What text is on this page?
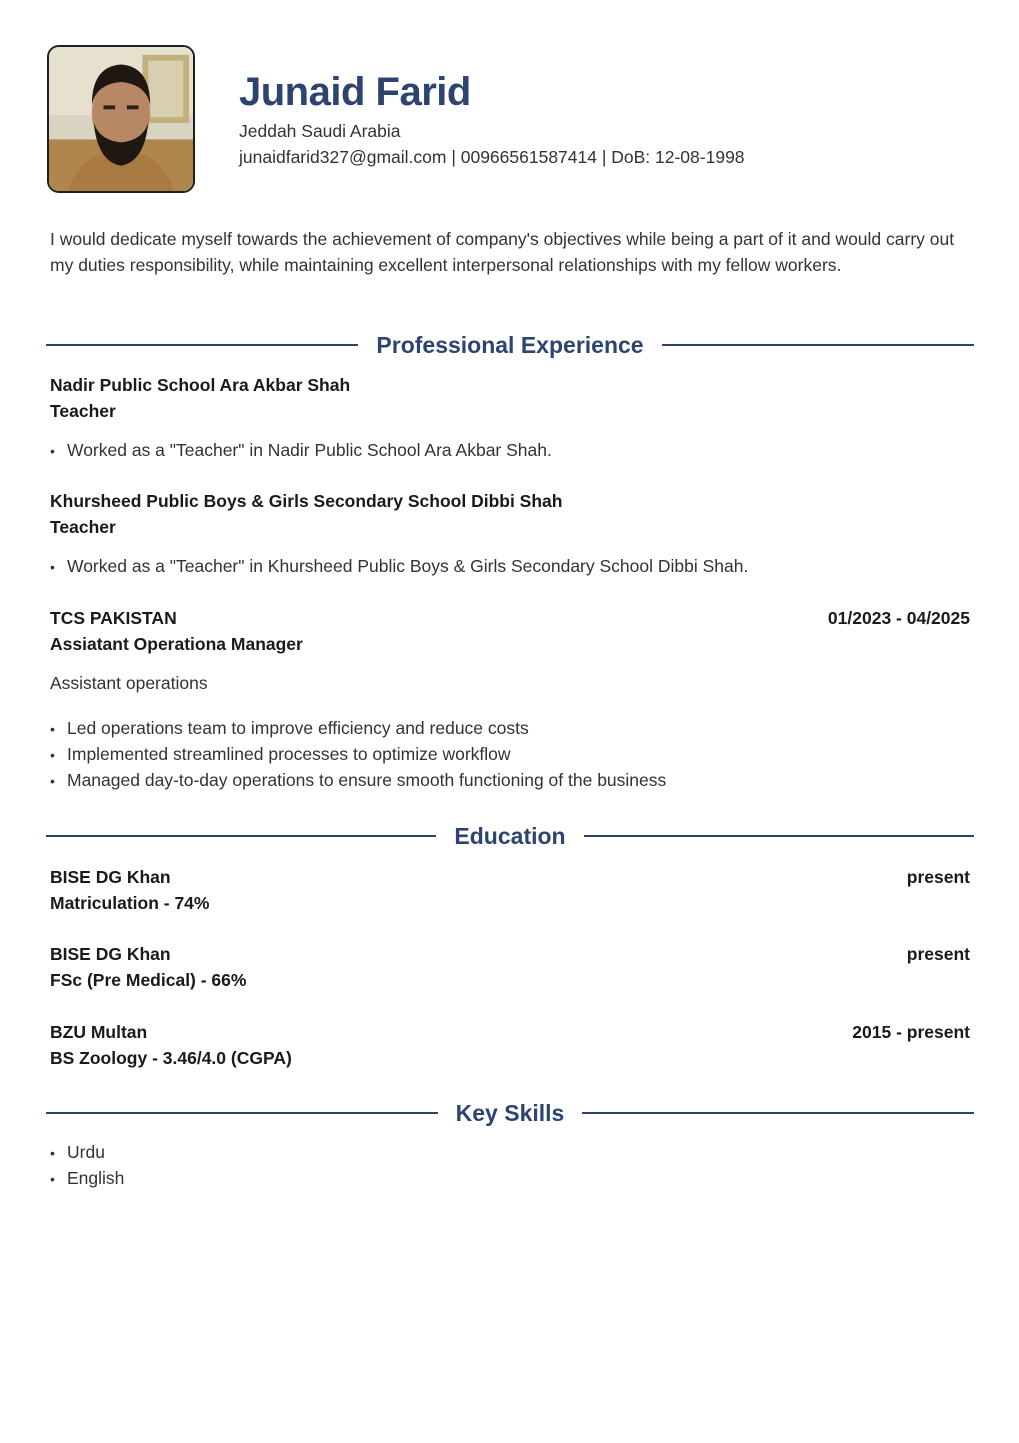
Junaid Farid
Jeddah Saudi Arabia
junaidfarid327@gmail.com | 00966561587414 | DoB: 12-08-1998
I would dedicate myself towards the achievement of company's objectives while being a part of it and would carry out my duties responsibility, while maintaining excellent interpersonal relationships with my fellow workers.
Professional Experience
Nadir Public School Ara Akbar Shah
Teacher
• Worked as a "Teacher" in Nadir Public School Ara Akbar Shah.
Khursheed Public Boys & Girls Secondary School Dibbi Shah
Teacher
• Worked as a "Teacher" in Khursheed Public Boys & Girls Secondary School Dibbi Shah.
TCS PAKISTAN	01/2023 - 04/2025
Assiatant Operationa Manager
Assistant operations
• Led operations team to improve efficiency and reduce costs
• Implemented streamlined processes to optimize workflow
• Managed day-to-day operations to ensure smooth functioning of the business
Education
BISE DG Khan	present
Matriculation - 74%
BISE DG Khan	present
FSc (Pre Medical) - 66%
BZU Multan	2015 - present
BS Zoology - 3.46/4.0 (CGPA)
Key Skills
• Urdu
• English
